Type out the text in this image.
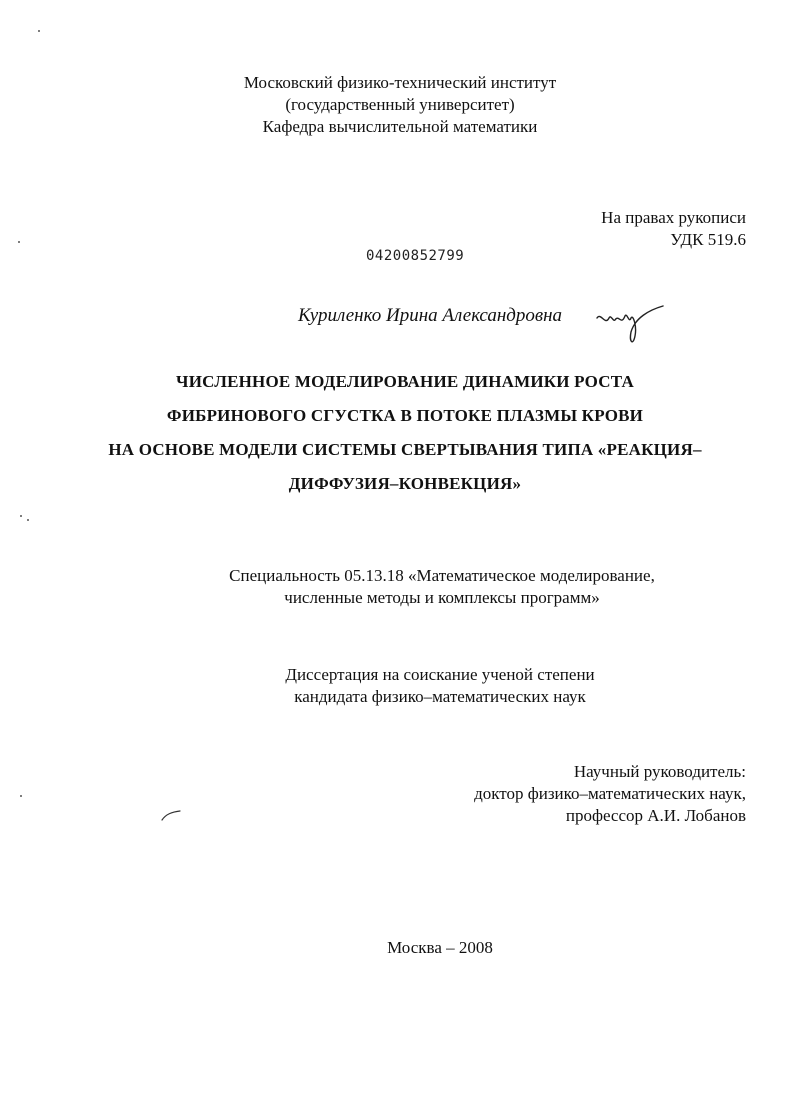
Московский физико-технический институт
(государственный университет)
Кафедра вычислительной математики
На правах рукописи
УДК 519.6
04200852799
Куриленко Ирина Александровна
ЧИСЛЕННОЕ МОДЕЛИРОВАНИЕ ДИНАМИКИ РОСТА
ФИБРИНОВОГО СГУСТКА В ПОТОКЕ ПЛАЗМЫ КРОВИ
НА ОСНОВЕ МОДЕЛИ СИСТЕМЫ СВЕРТЫВАНИЯ ТИПА «РЕАКЦИЯ–
ДИФФУЗИЯ–КОНВЕКЦИЯ»
Специальность 05.13.18 «Математическое моделирование,
численные методы и комплексы программ»
Диссертация на соискание ученой степени
кандидата физико–математических наук
Научный руководитель:
доктор физико–математических наук,
профессор А.И. Лобанов
Москва – 2008
